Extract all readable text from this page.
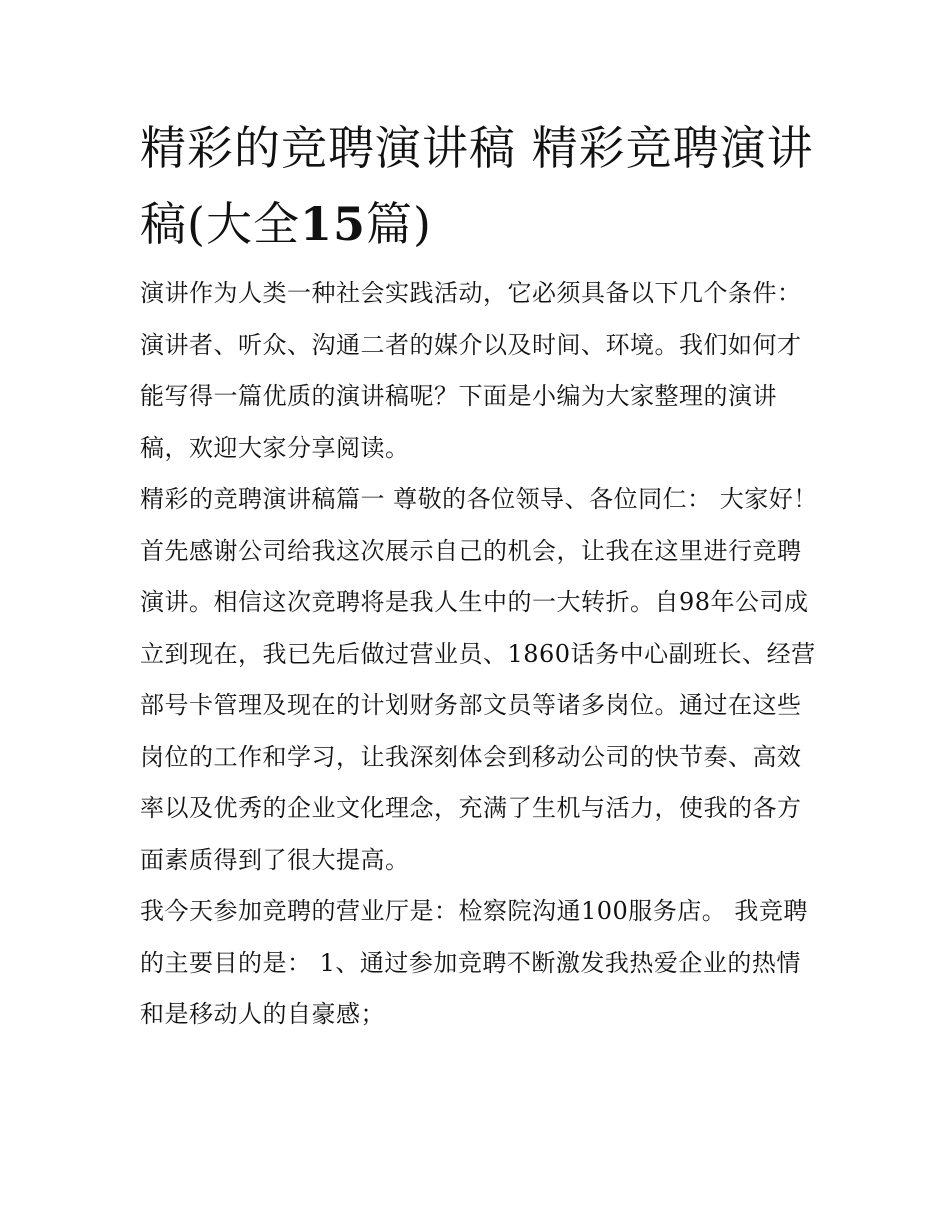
精彩的竞聘演讲稿 精彩竞聘演讲稿(大全15篇)

演讲作为人类一种社会实践活动，它必须具备以下几个条件：演讲者、听众、沟通二者的媒介以及时间、环境。我们如何才能写得一篇优质的演讲稿呢？下面是小编为大家整理的演讲稿，欢迎大家分享阅读。

精彩的竞聘演讲稿篇一 尊敬的各位领导、各位同仁： 大家好！

首先感谢公司给我这次展示自己的机会，让我在这里进行竞聘演讲。相信这次竞聘将是我人生中的一大转折。自98年公司成立到现在，我已先后做过营业员、1860话务中心副班长、经营部号卡管理及现在的计划财务部文员等诸多岗位。通过在这些岗位的工作和学习，让我深刻体会到移动公司的快节奏、高效率以及优秀的企业文化理念，充满了生机与活力，使我的各方面素质得到了很大提高。

我今天参加竞聘的营业厅是：检察院沟通100服务店。 我竞聘的主要目的是： 1、通过参加竞聘不断激发我热爱企业的热情和是移动人的自豪感；
